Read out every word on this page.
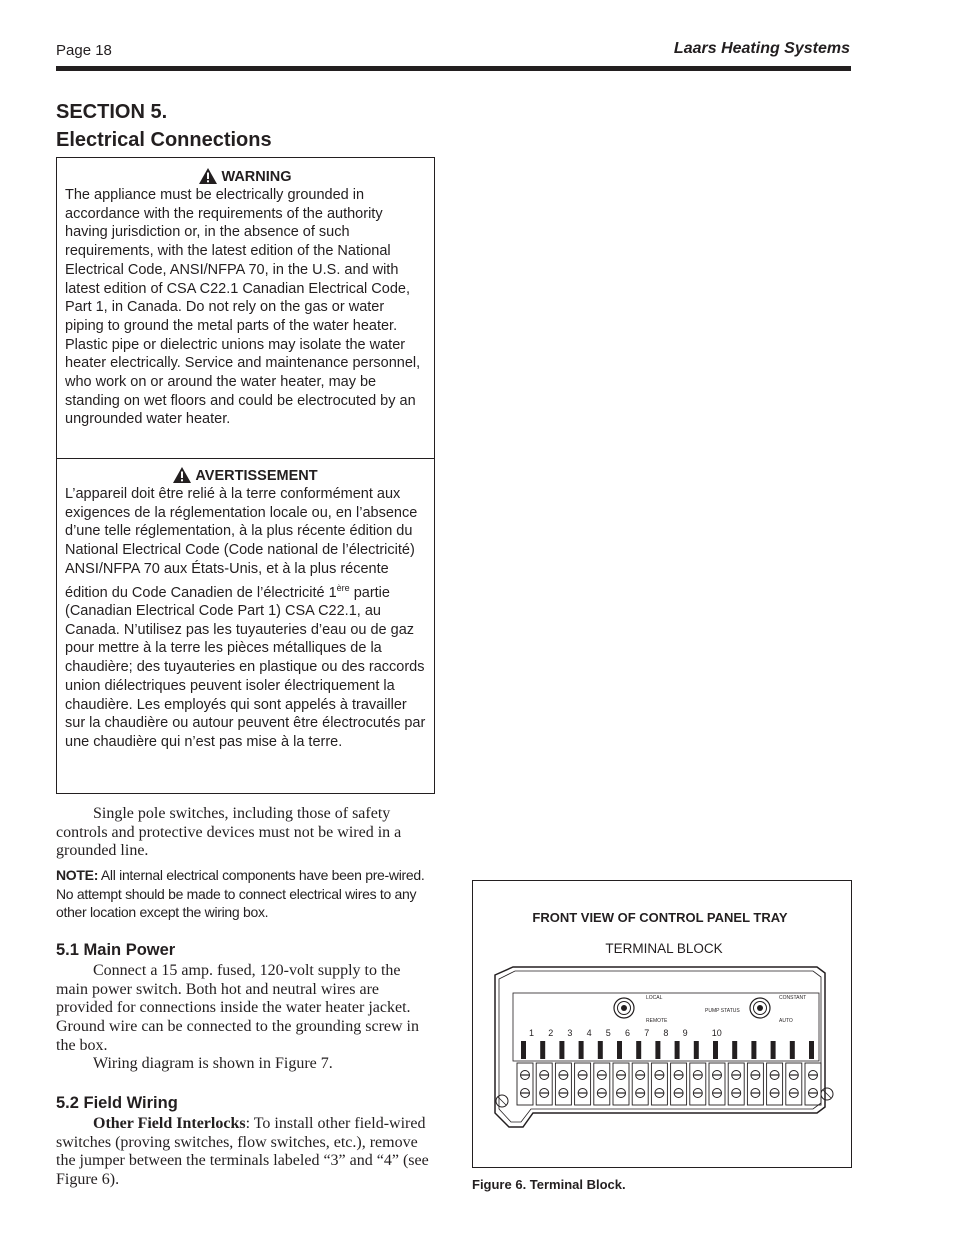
Page 18	Laars Heating Systems
SECTION 5.
Electrical Connections
WARNING
The appliance must be electrically grounded in accordance with the requirements of the authority having jurisdiction or, in the absence of such requirements, with the latest edition of the National Electrical Code, ANSI/NFPA 70, in the U.S. and with latest edition of CSA C22.1 Canadian Electrical Code, Part 1, in Canada. Do not rely on the gas or water piping to ground the metal parts of the water heater. Plastic pipe or dielectric unions may isolate the water heater electrically. Service and maintenance personnel, who work on or around the water heater, may be standing on wet floors and could be electrocuted by an ungrounded water heater.
AVERTISSEMENT
L’appareil doit être relié à la terre conformément aux exigences de la réglementation locale ou, en l’absence d’une telle réglementation, à la plus récente édition du National Electrical Code (Code national de l’électricité) ANSI/NFPA 70 aux États-Unis, et à la plus récente édition du Code Canadien de l’électricité 1ère partie (Canadian Electrical Code Part 1) CSA C22.1, au Canada. N’utilisez pas les tuyauteries d’eau ou de gaz pour mettre à la terre les pièces métalliques de la chaudière; des tuyauteries en plastique ou des raccords union diélectriques peuvent isoler électriquement la chaudière. Les employés qui sont appelés à travailler sur la chaudière ou autour peuvent être électrocutés par une chaudière qui n’est pas mise à la terre.
Single pole switches, including those of safety controls and protective devices must not be wired in a grounded line.
NOTE: All internal electrical components have been pre-wired. No attempt should be made to connect electrical wires to any other location except the wiring box.
5.1 Main Power
Connect a 15 amp. fused, 120-volt supply to the main power switch. Both hot and neutral wires are provided for connections inside the water heater jacket. Ground wire can be connected to the grounding screw in the box.
Wiring diagram is shown in Figure 7.
5.2 Field Wiring
Other Field Interlocks: To install other field-wired switches (proving switches, flow switches, etc.), remove the jumper between the terminals labeled “3” and “4” (see Figure 6).
FRONT VIEW OF CONTROL PANEL TRAY
TERMINAL BLOCK
LOCAL
REMOTE
PUMP STATUS
CONSTANT
AUTO
1 2 3 4 5 6 7 8 9	10
Figure 6. Terminal Block.
